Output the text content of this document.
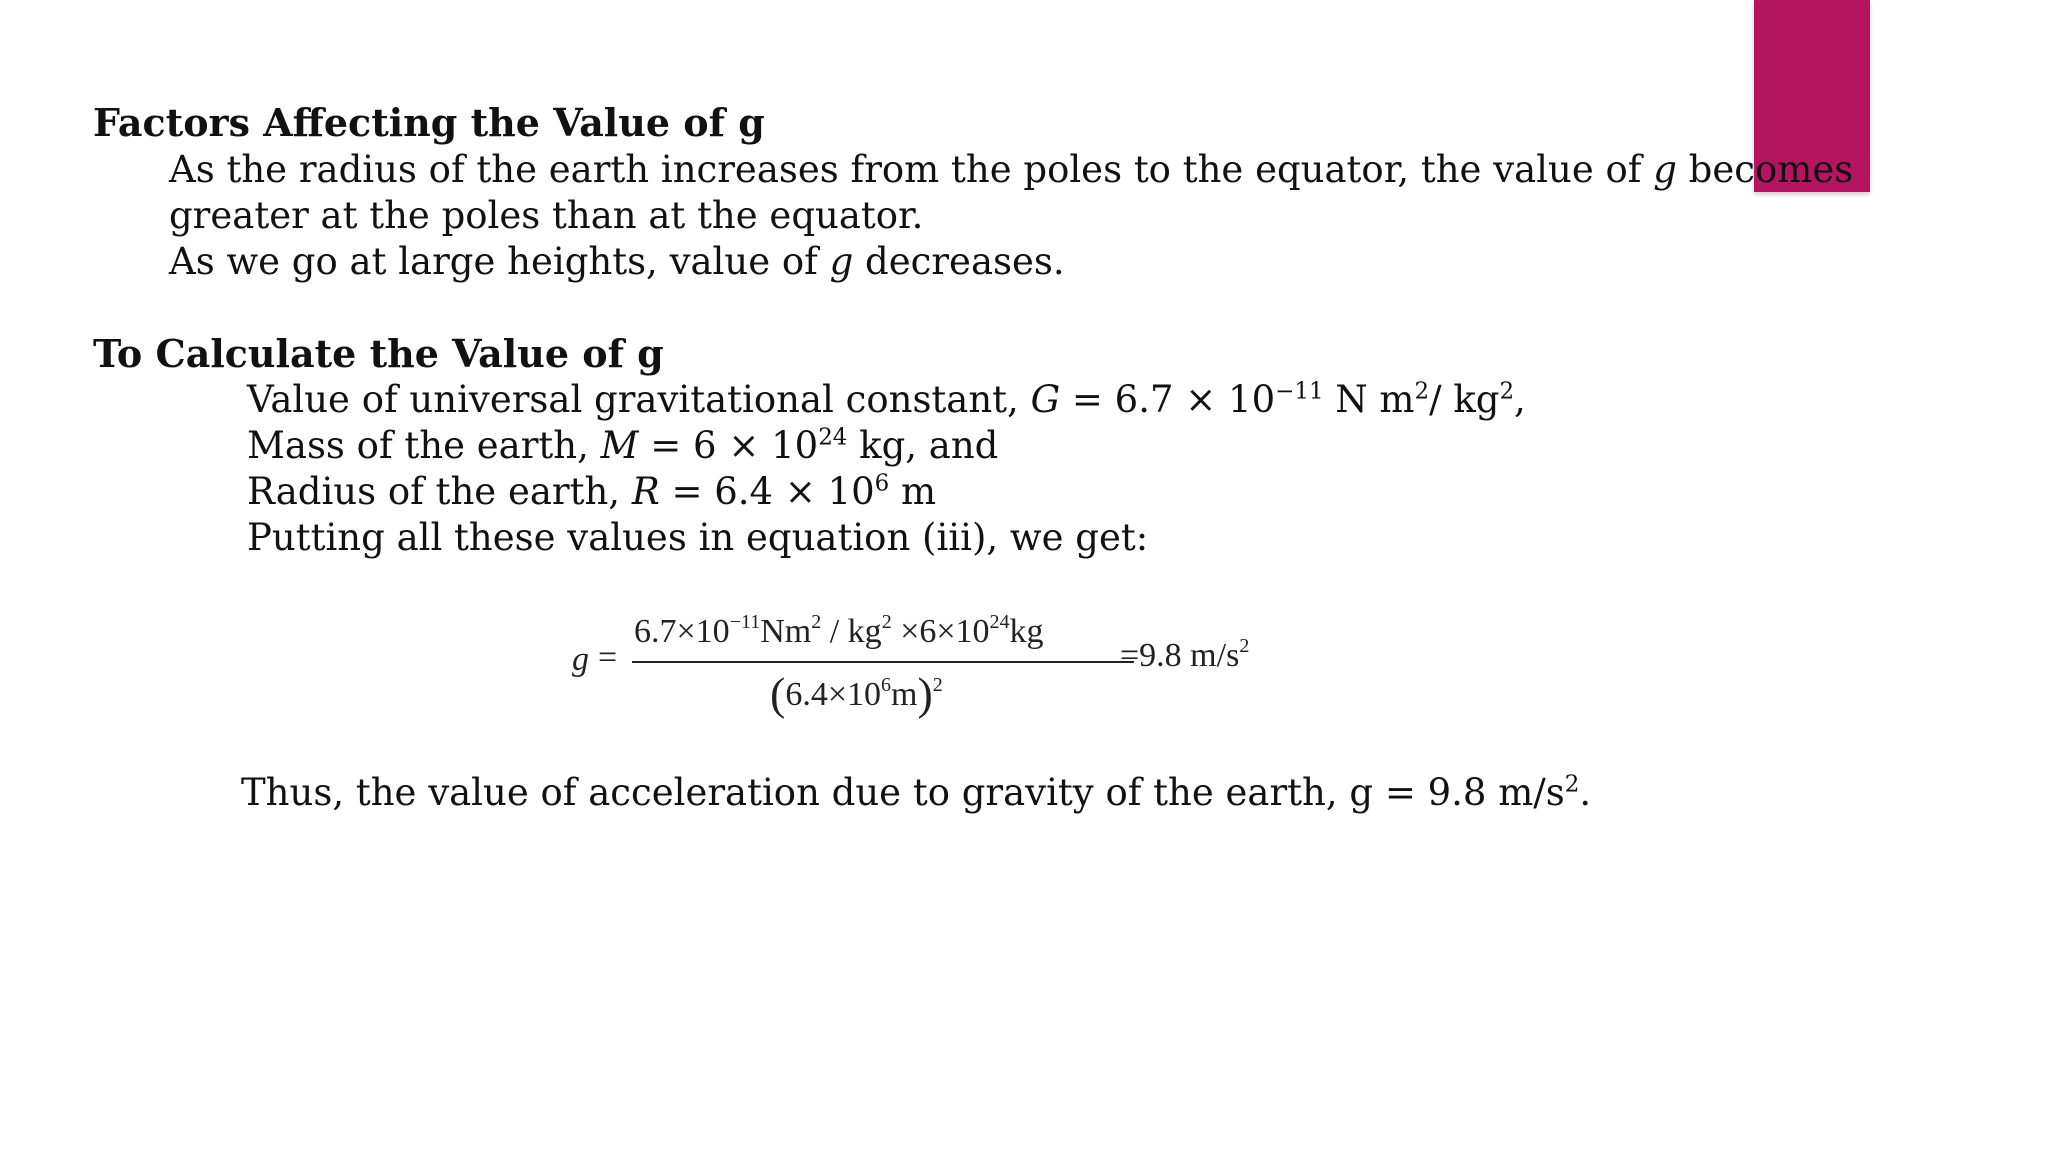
Factors Affecting the Value of g
As the radius of the earth increases from the poles to the equator, the value of g becomes
greater at the poles than at the equator.
As we go at large heights, value of g decreases.
To Calculate the Value of g
Value of universal gravitational constant, $G = 6.7 \times 10^{-11}$ N $m^2/$ $kg^2$,
Mass of the earth, $M = 6 \times 10^{24}$ kg, and
Radius of the earth, $R = 6.4 \times 10^6$ m
Putting all these values in equation (iii), we get:
g =
$6.7\times 10^{-11}Nm^2 / kg^2 \times 6\times 10^{24}kg$
$(6.4\times 10^6m)^2$
=9.8 $m/s^2$
Thus, the value of acceleration due to gravity of the earth, g = 9.8 $m/s^2$.
